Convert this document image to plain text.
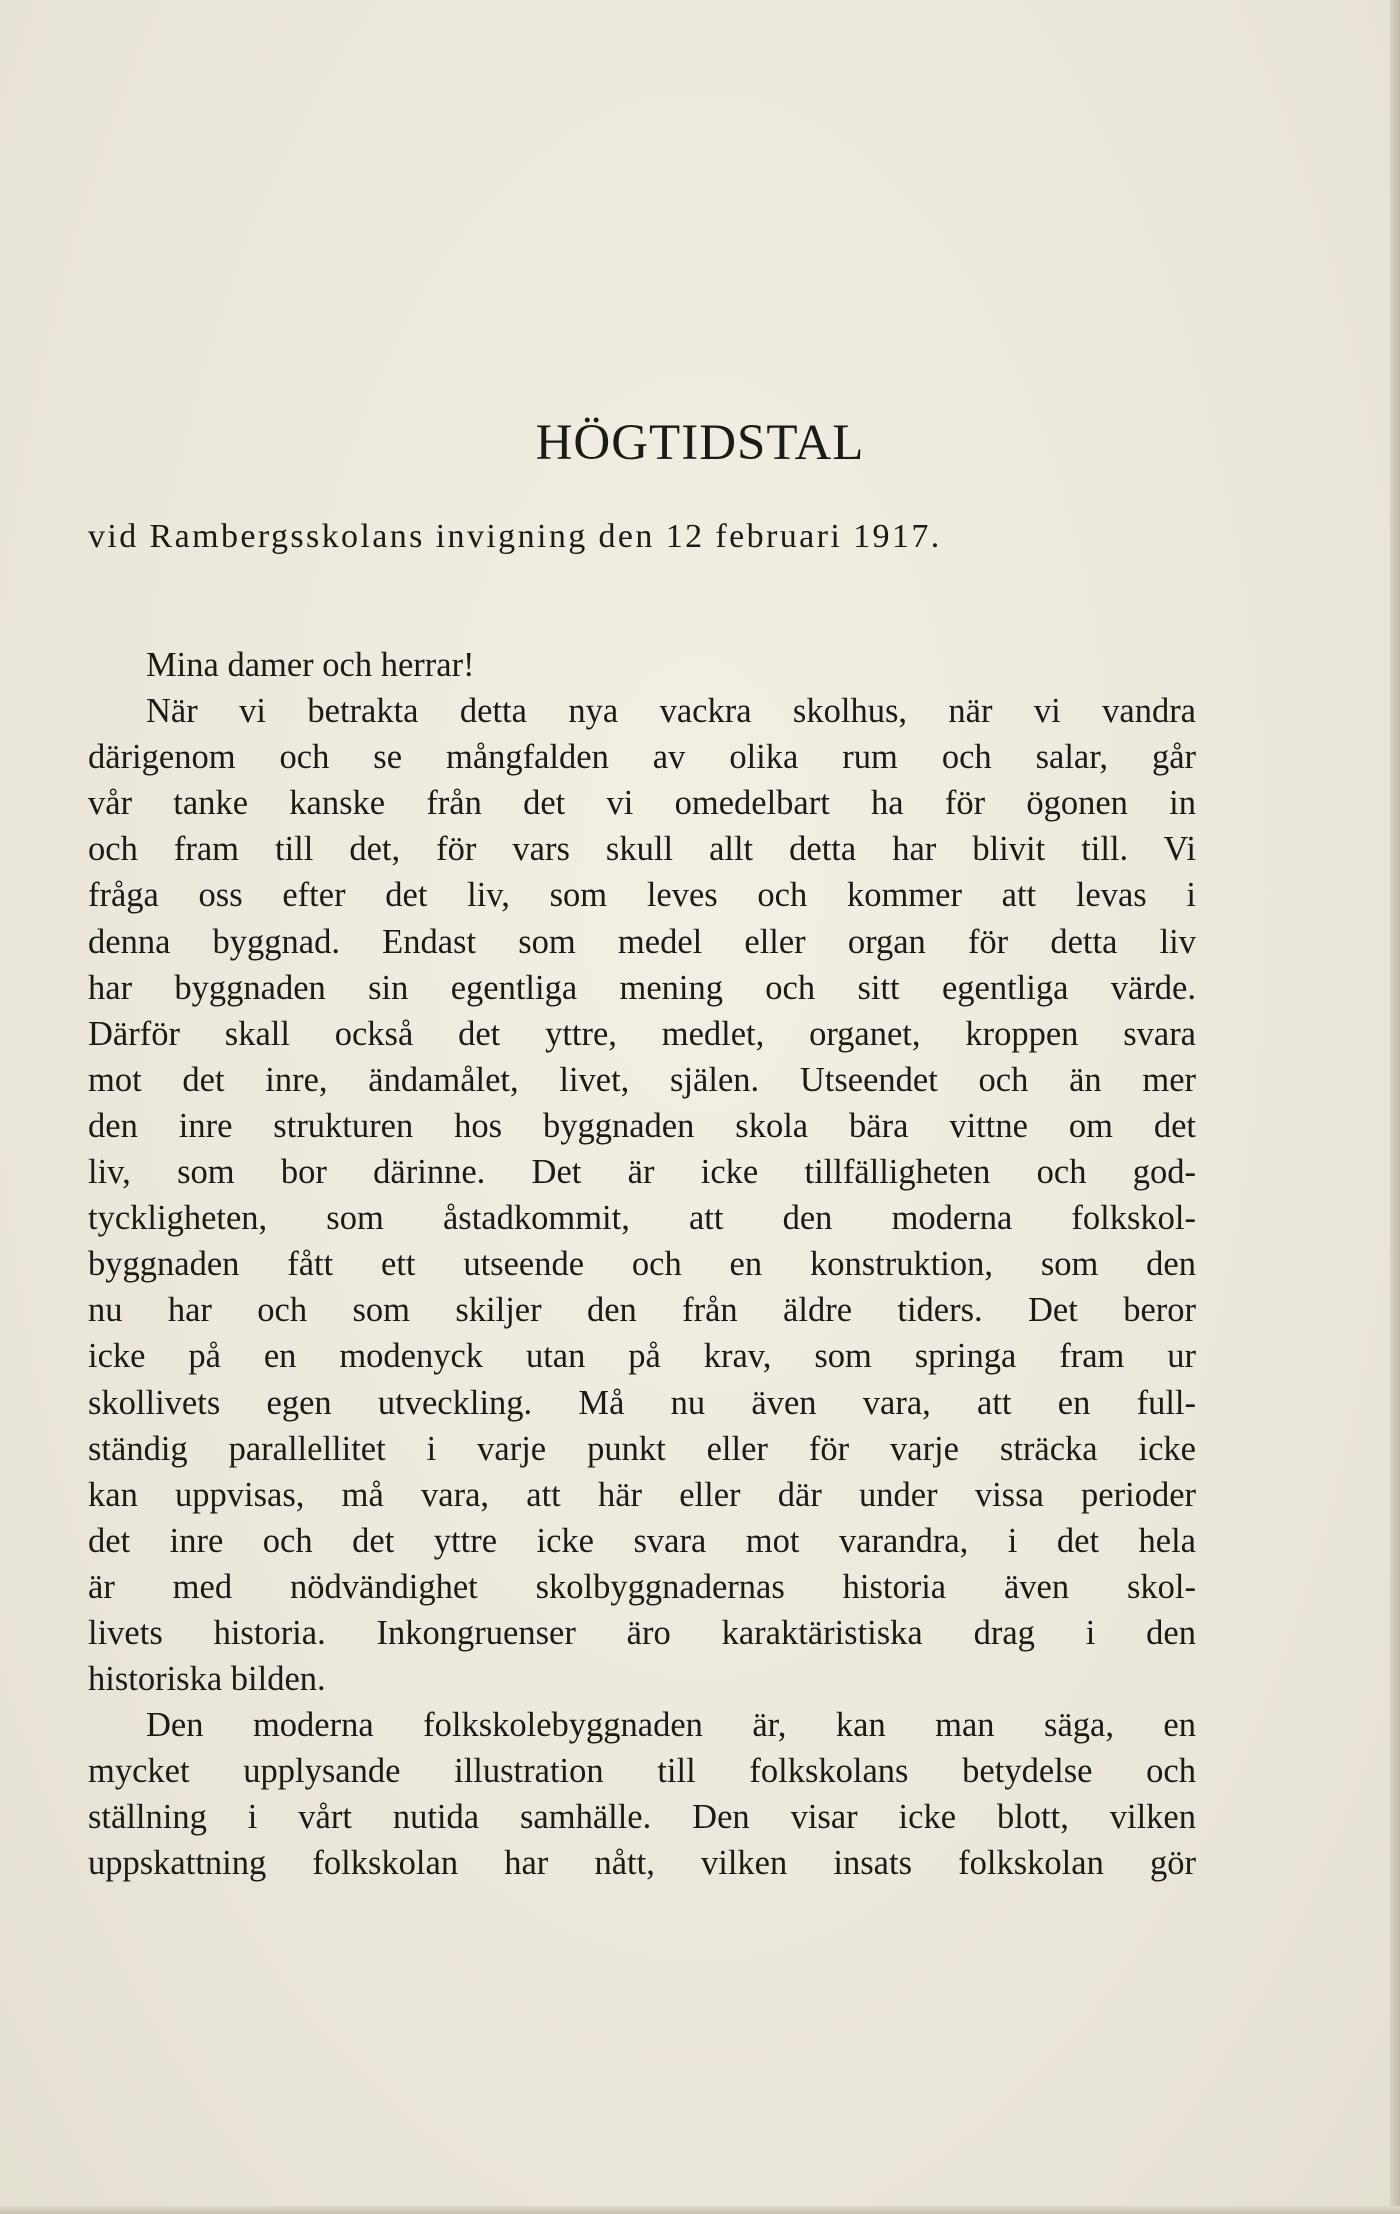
HÖGTIDSTAL

vid Rambergsskolans invigning den 12 februari 1917.

Mina damer och herrar!
När vi betrakta detta nya vackra skolhus, när vi vandra
därigenom och se mångfalden av olika rum och salar, går
vår tanke kanske från det vi omedelbart ha för ögonen in
och fram till det, för vars skull allt detta har blivit till. Vi
fråga oss efter det liv, som leves och kommer att levas i
denna byggnad. Endast som medel eller organ för detta liv
har byggnaden sin egentliga mening och sitt egentliga värde.
Därför skall också det yttre, medlet, organet, kroppen svara
mot det inre, ändamålet, livet, själen. Utseendet och än mer
den inre strukturen hos byggnaden skola bära vittne om det
liv, som bor därinne. Det är icke tillfälligheten och god-
tyckligheten, som åstadkommit, att den moderna folkskol-
byggnaden fått ett utseende och en konstruktion, som den
nu har och som skiljer den från äldre tiders. Det beror
icke på en modenyck utan på krav, som springa fram ur
skollivets egen utveckling. Må nu även vara, att en full-
ständig parallellitet i varje punkt eller för varje sträcka icke
kan uppvisas, må vara, att här eller där under vissa perioder
det inre och det yttre icke svara mot varandra, i det hela
är med nödvändighet skolbyggnadernas historia även skol-
livets historia. Inkongruenser äro karaktäristiska drag i den
historiska bilden.
Den moderna folkskolebyggnaden är, kan man säga, en
mycket upplysande illustration till folkskolans betydelse och
ställning i vårt nutida samhälle. Den visar icke blott, vilken
uppskattning folkskolan har nått, vilken insats folkskolan gör
